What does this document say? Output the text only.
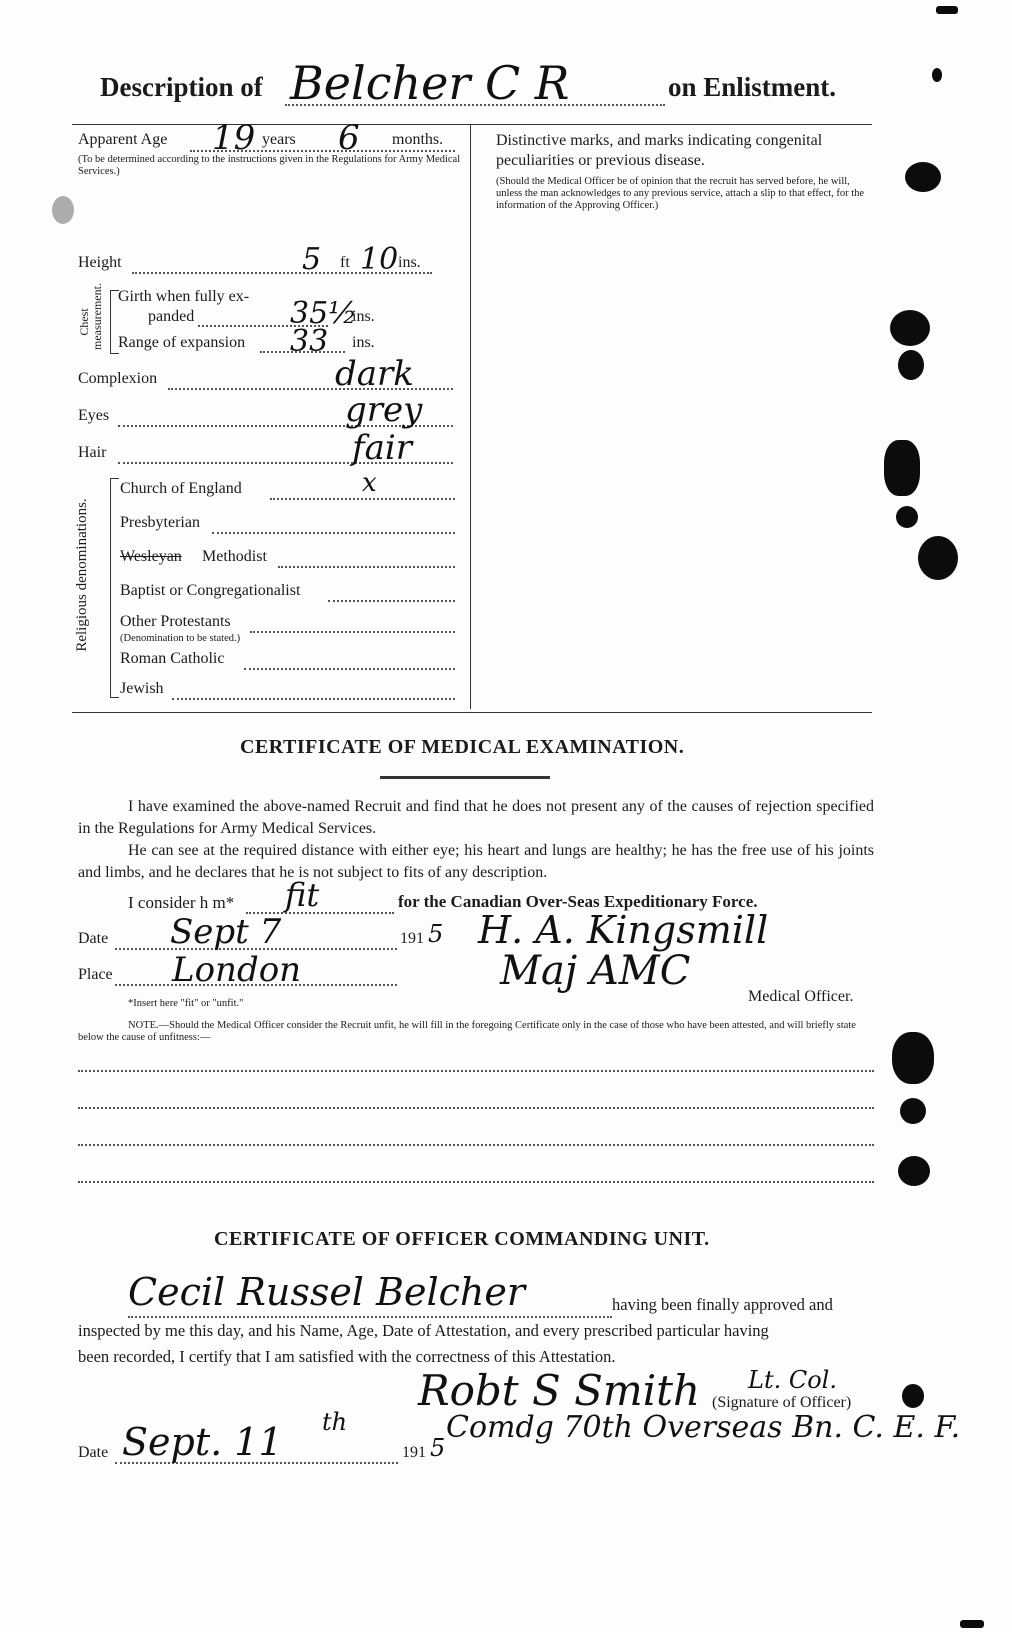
Description of Belcher C R	on Enlistment.
Apparent Age 19 years 6 months.
(To be determined according to the instructions given in the Regulations for Army Medical Services.)
Height	5 ft 10 ins.
Chest measurement. Girth when fully ex-
panded	35½
ins.
Range of expansion 33 ins.
Complexion	dark
Eyes	grey
Hair	fair
Religious denominations.
Church of England	x
Presbyterian
Wesleyan Methodist
Baptist or Congregationalist
Other Protestants
(Denomination to be stated.)
Roman Catholic
Jewish
Distinctive marks, and marks indicating congenital peculiarities or previous disease.
(Should the Medical Officer be of opinion that the recruit has served before, he will, unless the man acknowledges to any previous service, attach a slip to that effect, for the information of the Approving Officer.)
CERTIFICATE OF MEDICAL EXAMINATION.
I have examined the above-named Recruit and find that he does not present any of the causes of rejection specified in the Regulations for Army Medical Services.
He can see at the required distance with either eye; his heart and lungs are healthy; he has the free use of his joints and limbs, and he declares that he is not subject to fits of any description.
I consider h m* fit	for the Canadian Over-Seas Expeditionary Force.
Date Sept 7	191 5 H. A. Kingsmill
Place London	Maj AMC
Medical Officer.
*Insert here "fit" or "unfit."
NOTE.—Should the Medical Officer consider the Recruit unfit, he will fill in the foregoing Certificate only in the case of those who have been attested, and will briefly state below the cause of unfitness:—
CERTIFICATE OF OFFICER COMMANDING UNIT.
Cecil Russel Belcher	having been finally approved and
inspected by me this day, and his Name, Age, Date of Attestation, and every prescribed particular having
been recorded, I certify that I am satisfied with the correctness of this Attestation.
Robt S Smith Lt. Col.
(Signature of Officer)
Comdg 70th Overseas Bn. C. E. F.
Date Sept. 11 th
191 5
